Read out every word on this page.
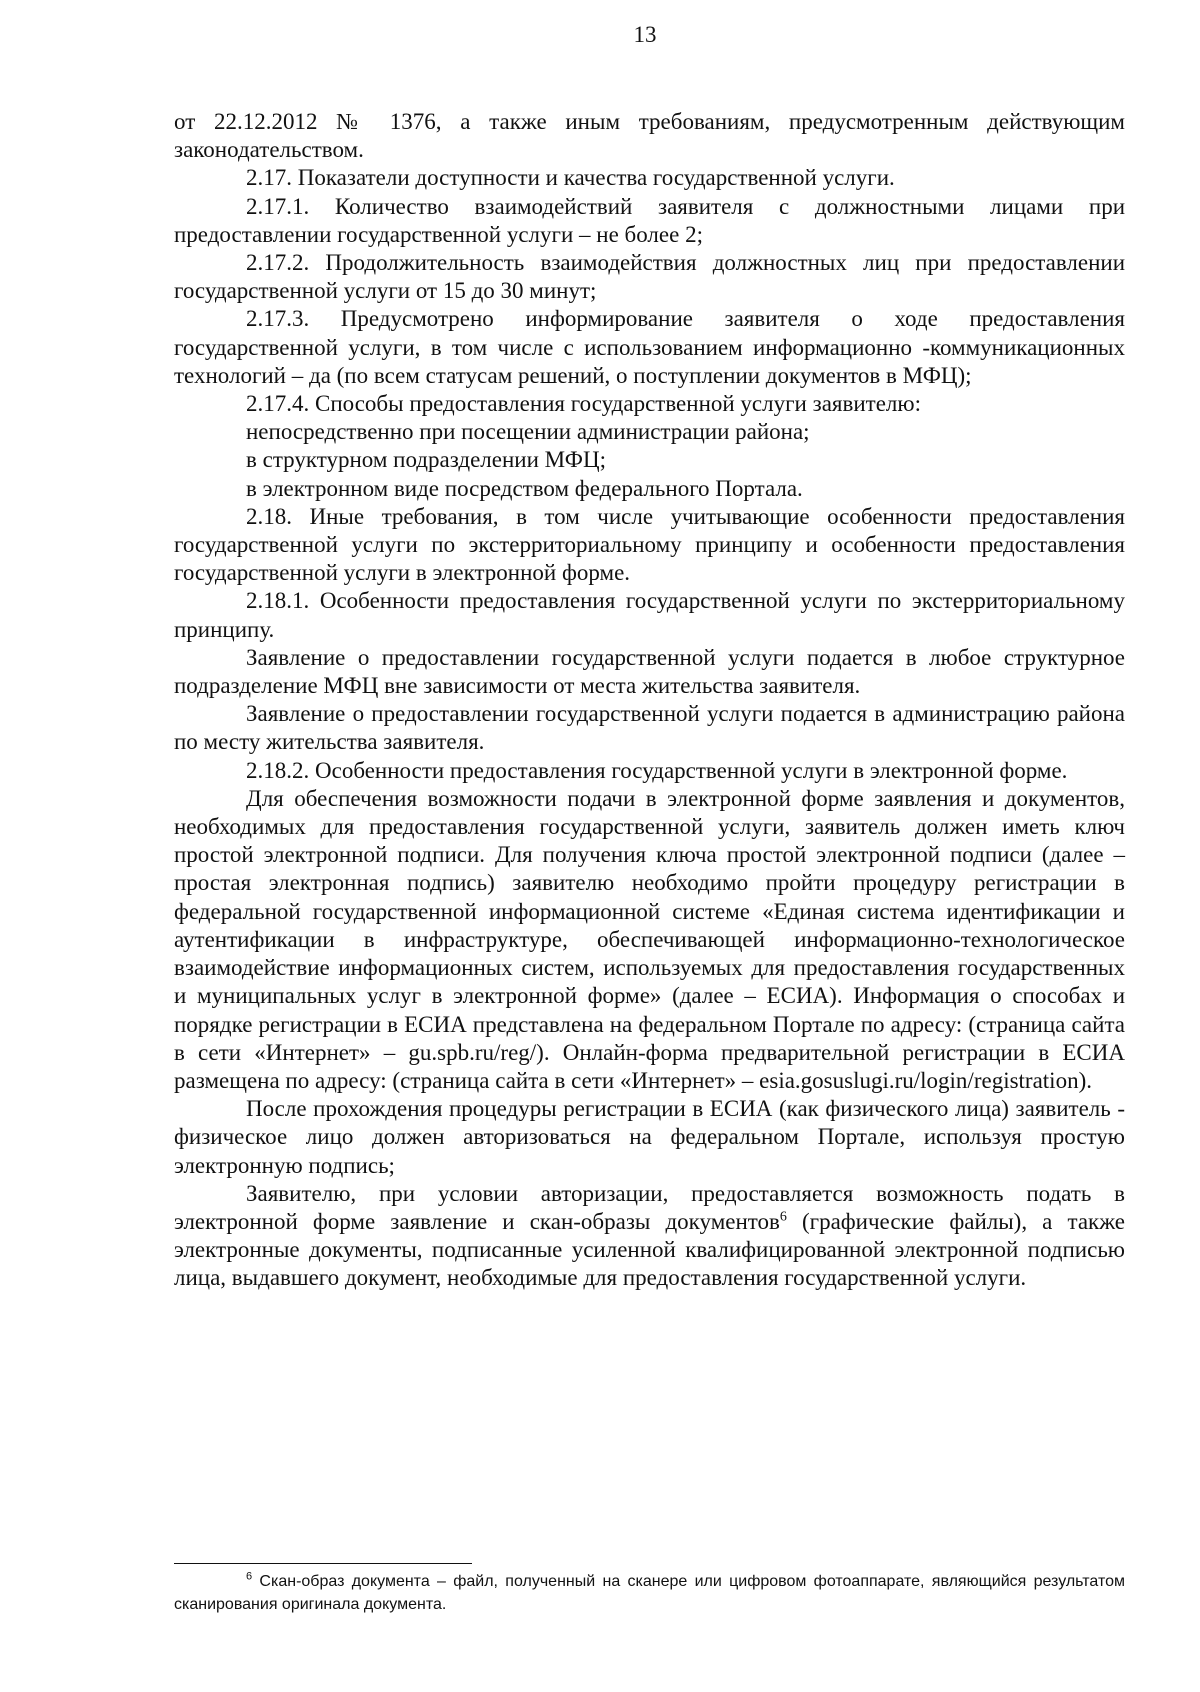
13

от 22.12.2012 № 1376, а также иным требованиям, предусмотренным действующим законодательством.

2.17. Показатели доступности и качества государственной услуги.

2.17.1. Количество взаимодействий заявителя с должностными лицами при предоставлении государственной услуги – не более 2;

2.17.2. Продолжительность взаимодействия должностных лиц при предоставлении государственной услуги от 15 до 30 минут;

2.17.3. Предусмотрено информирование заявителя о ходе предоставления государственной услуги, в том числе с использованием информационно -коммуникационных технологий – да (по всем статусам решений, о поступлении документов в МФЦ);

2.17.4. Способы предоставления государственной услуги заявителю:

непосредственно при посещении администрации района;

в структурном подразделении МФЦ;

в электронном виде посредством федерального Портала.

2.18. Иные требования, в том числе учитывающие особенности предоставления государственной услуги по экстерриториальному принципу и особенности предоставления государственной услуги в электронной форме.

2.18.1. Особенности предоставления государственной услуги по экстерриториальному принципу.

Заявление о предоставлении государственной услуги подается в любое структурное подразделение МФЦ вне зависимости от места жительства заявителя.

Заявление о предоставлении государственной услуги подается в администрацию района по месту жительства заявителя.

2.18.2. Особенности предоставления государственной услуги в электронной форме.

Для обеспечения возможности подачи в электронной форме заявления и документов, необходимых для предоставления государственной услуги, заявитель должен иметь ключ простой электронной подписи. Для получения ключа простой электронной подписи (далее – простая электронная подпись) заявителю необходимо пройти процедуру регистрации в федеральной государственной информационной системе «Единая система идентификации и аутентификации в инфраструктуре, обеспечивающей информационно-технологическое взаимодействие информационных систем, используемых для предоставления государственных и муниципальных услуг в электронной форме» (далее – ЕСИА). Информация о способах и порядке регистрации в ЕСИА представлена на федеральном Портале по адресу: (страница сайта в сети «Интернет» – gu.spb.ru/reg/). Онлайн-форма предварительной регистрации в ЕСИА размещена по адресу: (страница сайта в сети «Интернет» – esia.gosuslugi.ru/login/registration).

После прохождения процедуры регистрации в ЕСИА (как физического лица) заявитель - физическое лицо должен авторизоваться на федеральном Портале, используя простую электронную подпись;

Заявителю, при условии авторизации, предоставляется возможность подать в электронной форме заявление и скан-образы документов$^6$ (графические файлы), а также электронные документы, подписанные усиленной квалифицированной электронной подписью лица, выдавшего документ, необходимые для предоставления государственной услуги.

$^6$ Скан-образ документа – файл, полученный на сканере или цифровом фотоаппарате, являющийся результатом сканирования оригинала документа.
